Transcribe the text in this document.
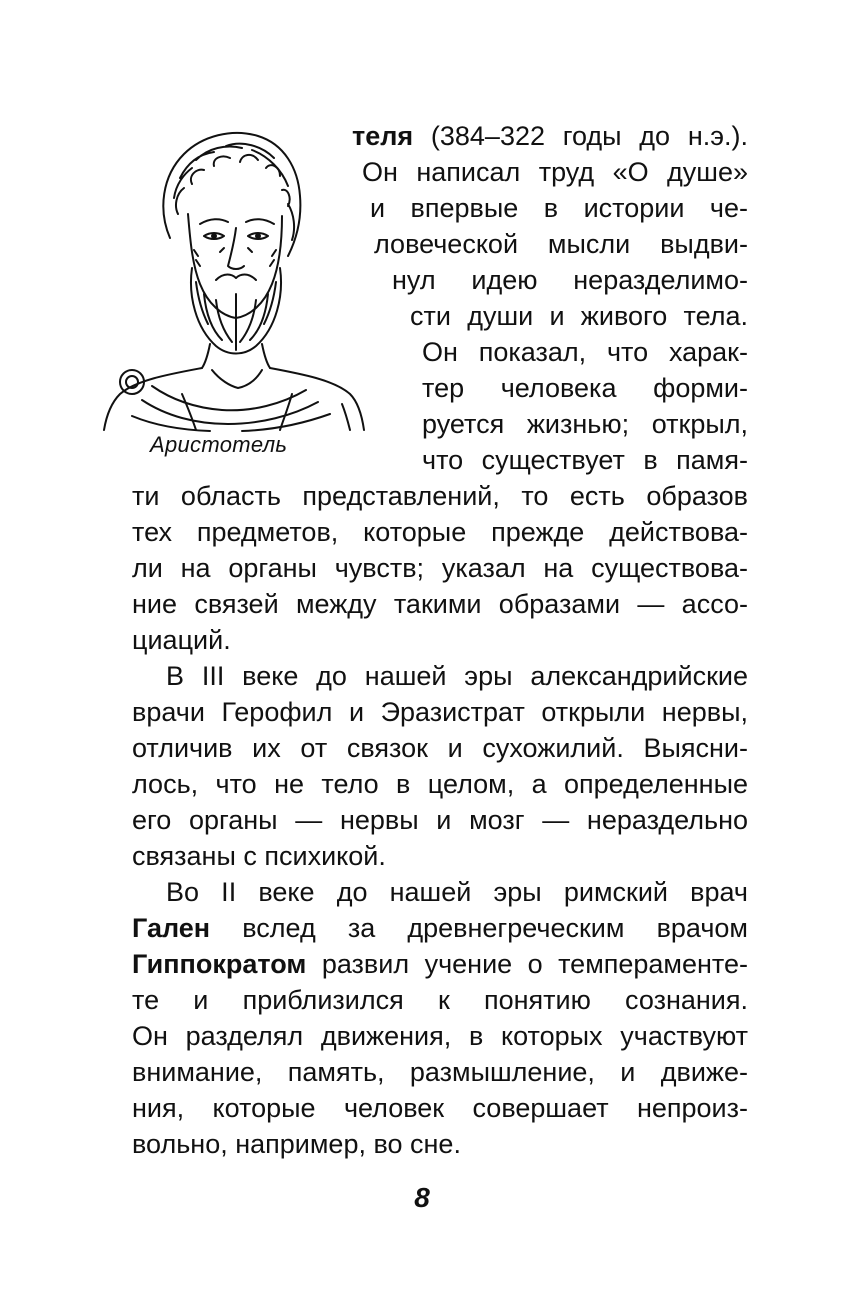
Аристотель
теля (384–322 годы до н.э.).
Он написал труд «О душе»
и впервые в истории че-
ловеческой мысли выдви-
нул идею неразделимо-
сти души и живого тела.
Он показал, что харак-
тер человека форми-
руется жизнью; открыл,
что существует в памя-
ти область представлений, то есть образов
тех предметов, которые прежде действова-
ли на органы чувств; указал на существова-
ние связей между такими образами — ассо-
циаций.
В III веке до нашей эры александрийские
врачи Герофил и Эразистрат открыли нервы,
отличив их от связок и сухожилий. Выясни-
лось, что не тело в целом, а определенные
его органы — нервы и мозг — нераздельно
связаны с психикой.
Во II веке до нашей эры римский врач
Гален вслед за древнегреческим врачом
Гиппократом развил учение о темпераменте-
те и приблизился к понятию сознания.
Он разделял движения, в которых участвуют
внимание, память, размышление, и движе-
ния, которые человек совершает непроиз-
вольно, например, во сне.
8
